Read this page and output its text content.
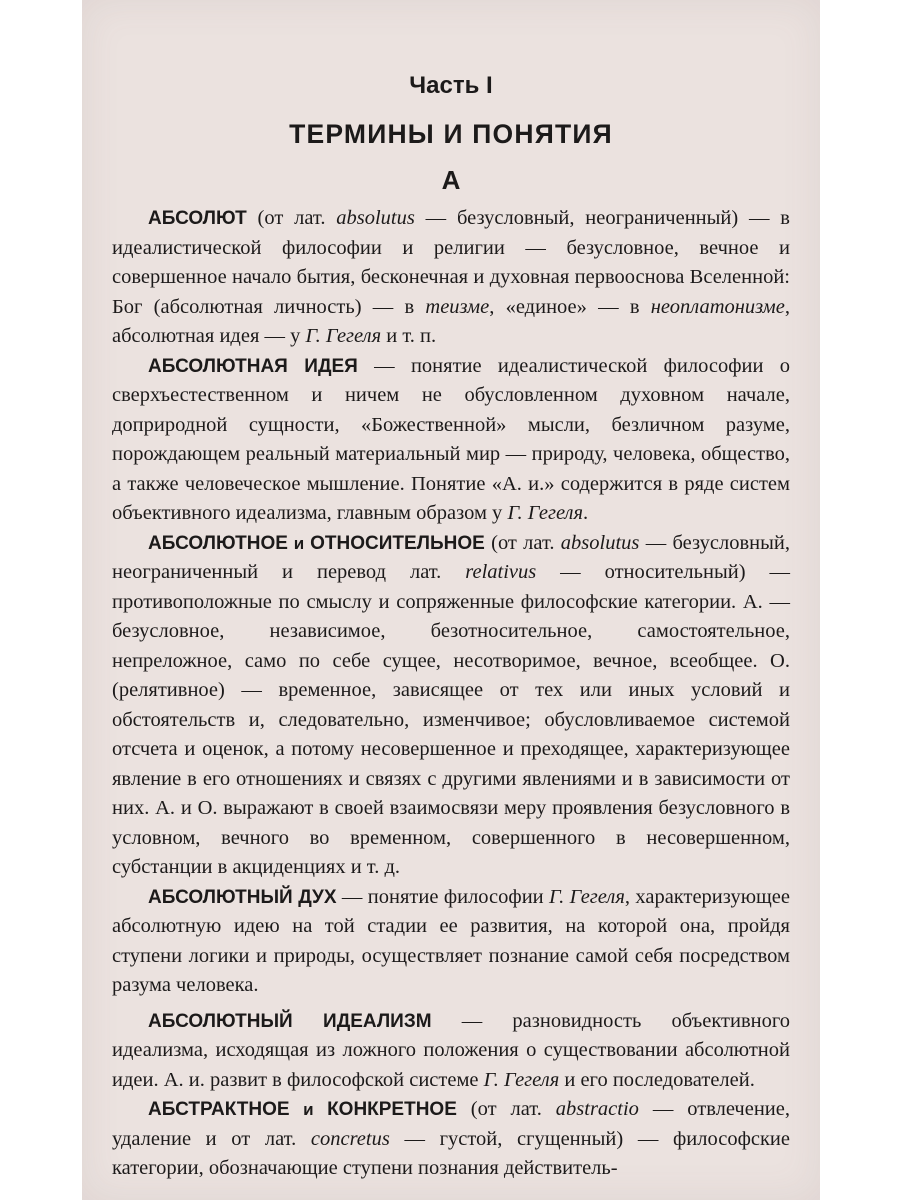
Часть I
ТЕРМИНЫ И ПОНЯТИЯ
А

АБСОЛЮТ (от лат. absolutus — безусловный, неограниченный) — в идеалистической философии и религии — безусловное, вечное и совершенное начало бытия, бесконечная и духовная первооснова Вселенной: Бог (абсолютная личность) — в теизме, «единое» — в неоплатонизме, абсолютная идея — у Г. Гегеля и т. п.

АБСОЛЮТНАЯ ИДЕЯ — понятие идеалистической философии о сверхъестественном и ничем не обусловленном духовном начале, доприродной сущности, «Божественной» мысли, безличном разуме, порождающем реальный материальный мир — природу, человека, общество, а также человеческое мышление. Понятие «А. и.» содержится в ряде систем объективного идеализма, главным образом у Г. Гегеля.

АБСОЛЮТНОЕ и ОТНОСИТЕЛЬНОЕ (от лат. absolutus — безусловный, неограниченный и перевод лат. relativus — относительный) — противоположные по смыслу и сопряженные философские категории. А. — безусловное, независимое, безотносительное, самостоятельное, непреложное, само по себе сущее, несотворимое, вечное, всеобщее. О. (релятивное) — временное, зависящее от тех или иных условий и обстоятельств и, следовательно, изменчивое; обусловливаемое системой отсчета и оценок, а потому несовершенное и преходящее, характеризующее явление в его отношениях и связях с другими явлениями и в зависимости от них. А. и О. выражают в своей взаимосвязи меру проявления безусловного в условном, вечного во временном, совершенного в несовершенном, субстанции в акциденциях и т. д.

АБСОЛЮТНЫЙ ДУХ — понятие философии Г. Гегеля, характеризующее абсолютную идею на той стадии ее развития, на которой она, пройдя ступени логики и природы, осуществляет познание самой себя посредством разума человека.

АБСОЛЮТНЫЙ ИДЕАЛИЗМ — разновидность объективного идеализма, исходящая из ложного положения о существовании абсолютной идеи. А. и. развит в философской системе Г. Гегеля и его последователей.

АБСТРАКТНОЕ и КОНКРЕТНОЕ (от лат. abstractio — отвлечение, удаление и от лат. concretus — густой, сгущенный) — философские категории, обозначающие ступени познания действитель-
